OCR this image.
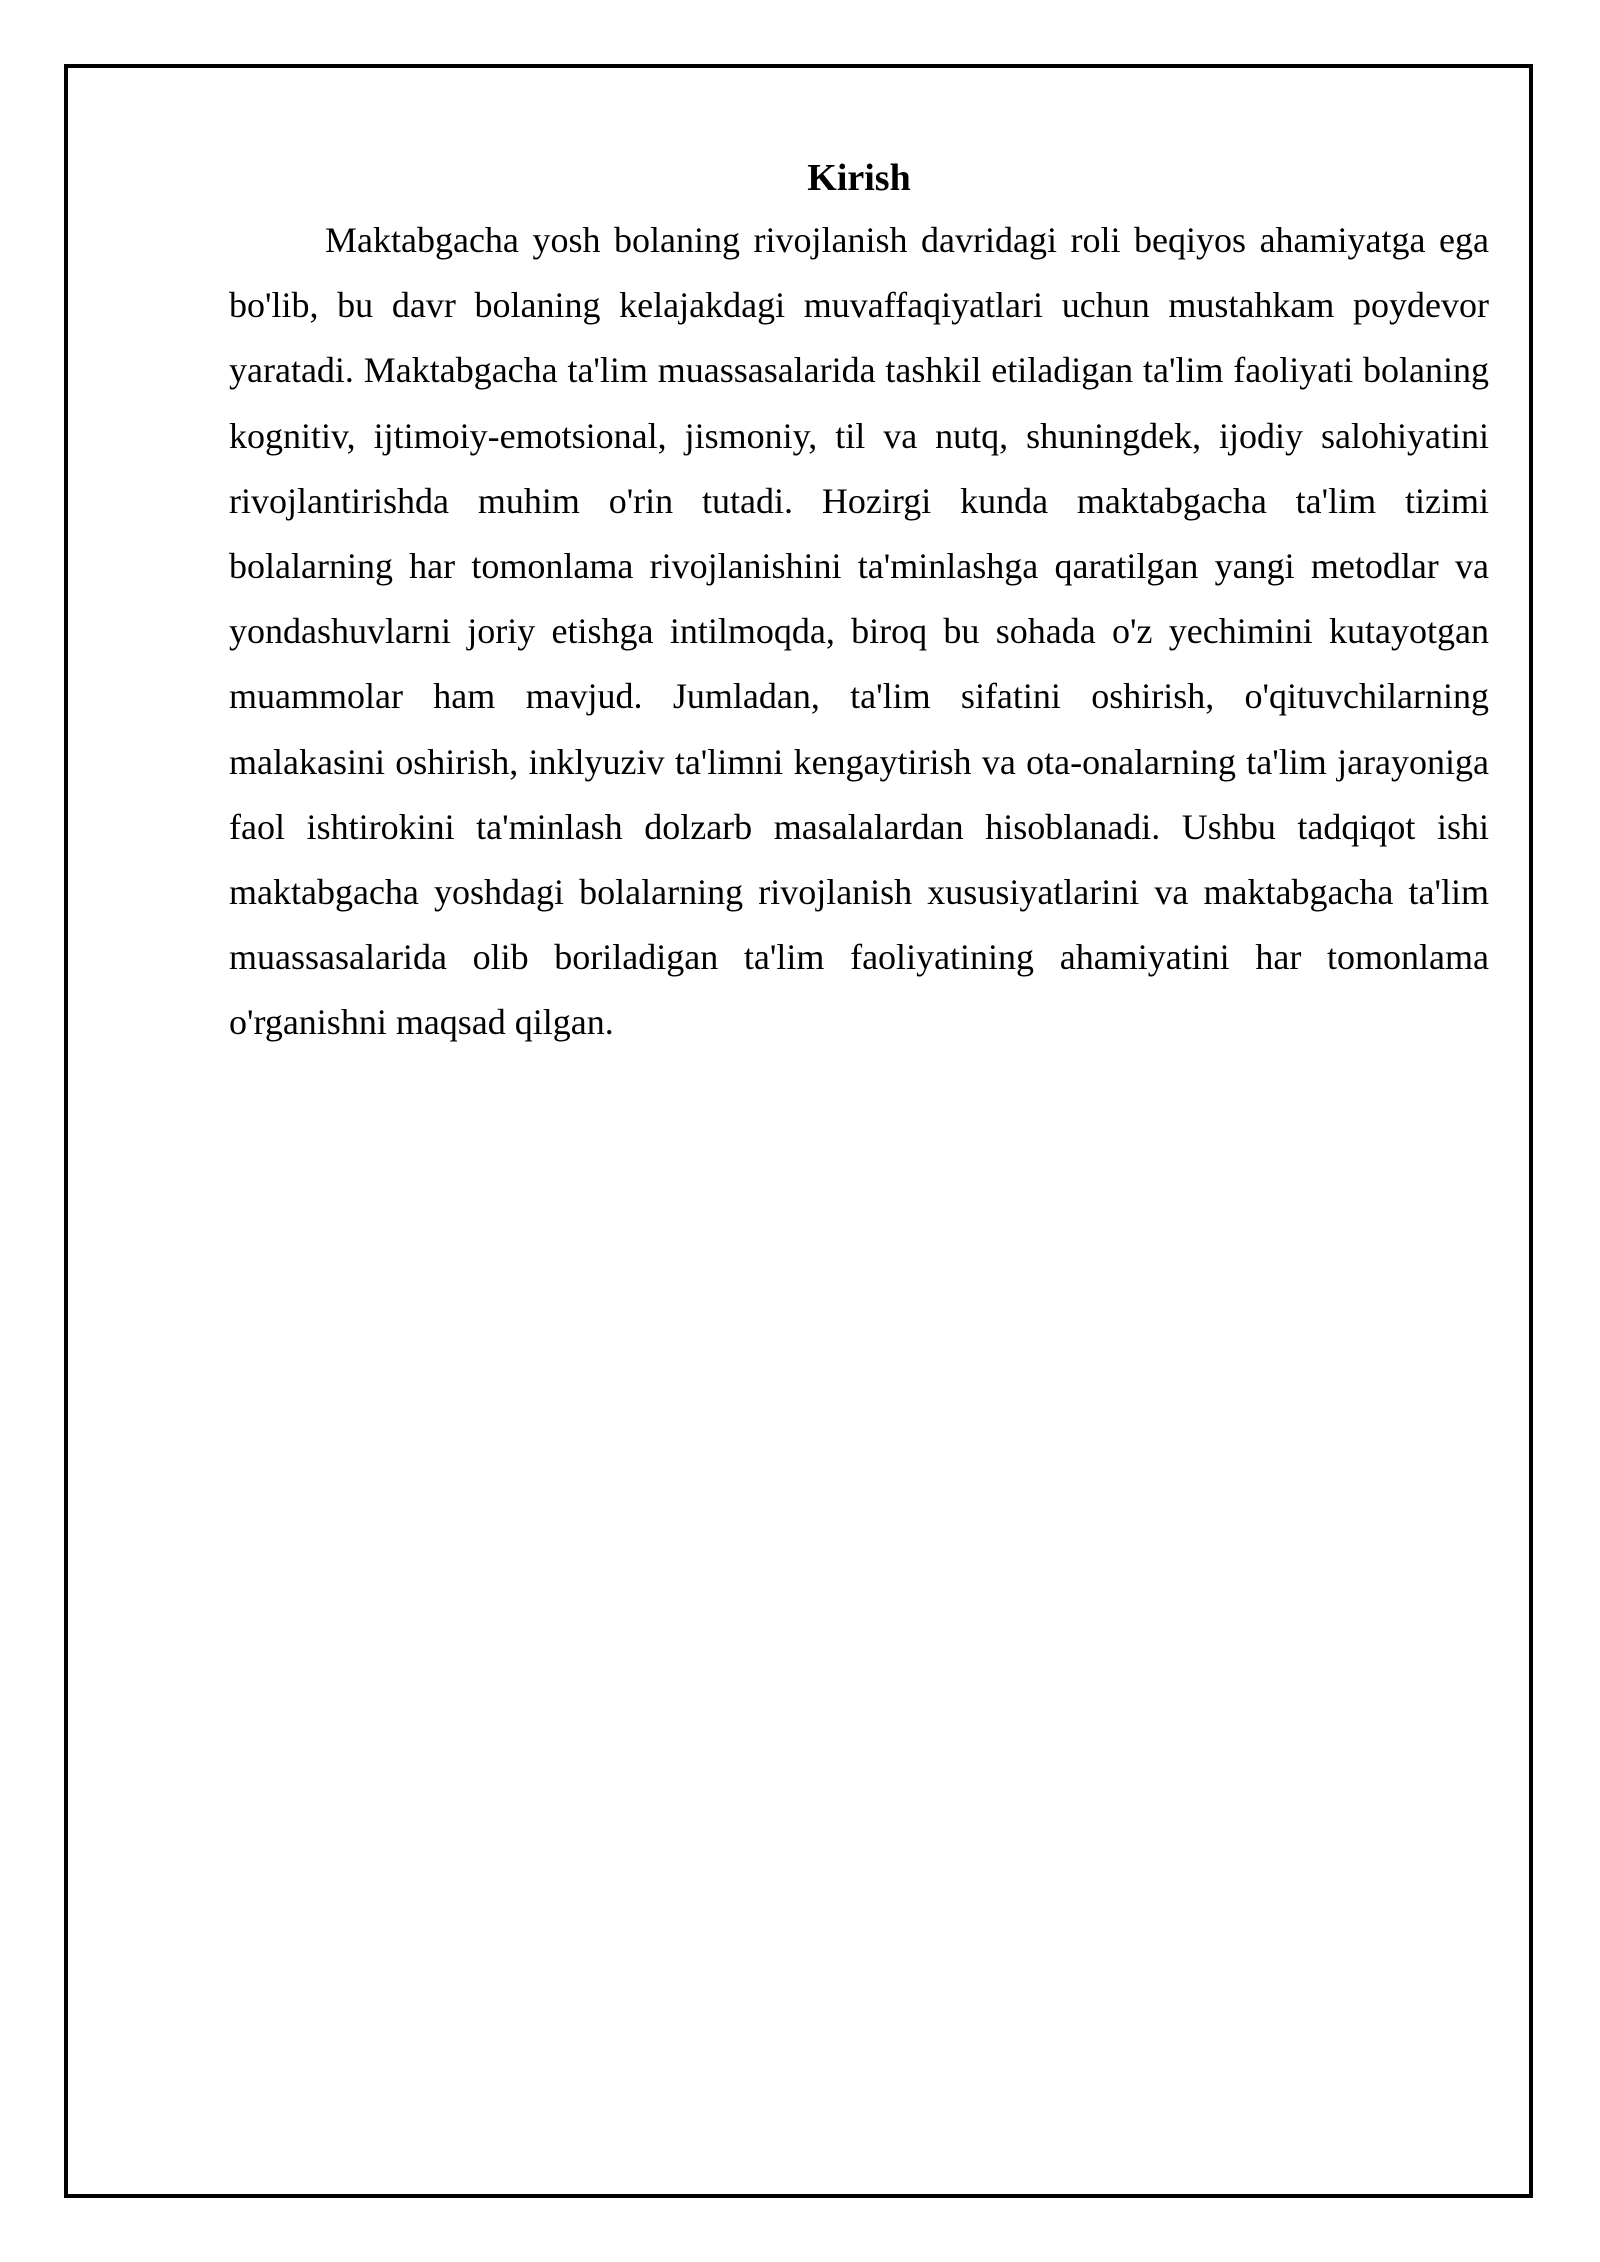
Kirish

Maktabgacha yosh bolaning rivojlanish davridagi roli beqiyos ahamiyatga ega bo'lib, bu davr bolaning kelajakdagi muvaffaqiyatlari uchun mustahkam poydevor yaratadi. Maktabgacha ta'lim muassasalarida tashkil etiladigan ta'lim faoliyati bolaning kognitiv, ijtimoiy-emotsional, jismoniy, til va nutq, shuningdek, ijodiy salohiyatini rivojlantirishda muhim o'rin tutadi. Hozirgi kunda maktabgacha ta'lim tizimi bolalarning har tomonlama rivojlanishini ta'minlashga qaratilgan yangi metodlar va yondashuvlarni joriy etishga intilmoqda, biroq bu sohada o'z yechimini kutayotgan muammolar ham mavjud. Jumladan, ta'lim sifatini oshirish, o'qituvchilarning malakasini oshirish, inklyuziv ta'limni kengaytirish va ota-onalarning ta'lim jarayoniga faol ishtirokini ta'minlash dolzarb masalalardan hisoblanadi. Ushbu tadqiqot ishi maktabgacha yoshdagi bolalarning rivojlanish xususiyatlarini va maktabgacha ta'lim muassasalarida olib boriladigan ta'lim faoliyatining ahamiyatini har tomonlama o'rganishni maqsad qilgan.
